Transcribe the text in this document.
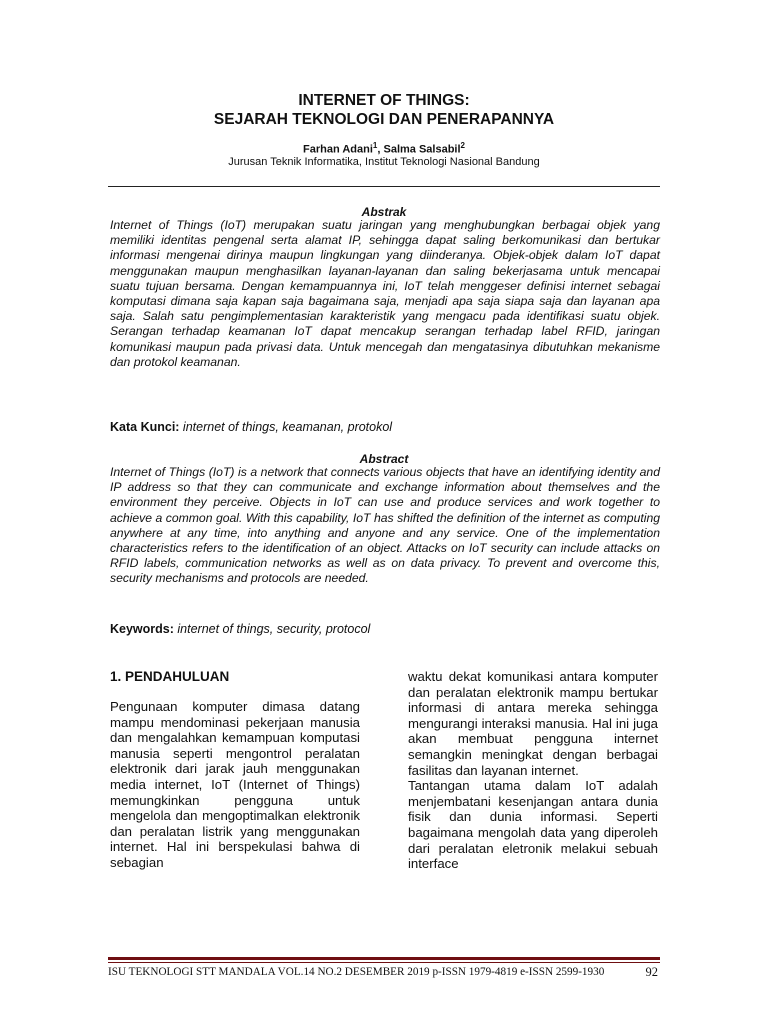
INTERNET OF THINGS:
SEJARAH TEKNOLOGI DAN PENERAPANNYA
Farhan Adani$^1$, Salma Salsabil$^2$
Jurusan Teknik Informatika, Institut Teknologi Nasional Bandung
Abstrak

Internet of Things (IoT) merupakan suatu jaringan yang menghubungkan berbagai objek yang memiliki identitas pengenal serta alamat IP, sehingga dapat saling berkomunikasi dan bertukar informasi mengenai dirinya maupun lingkungan yang diinderanya. Objek-objek dalam IoT dapat menggunakan maupun menghasilkan layanan-layanan dan saling bekerjasama untuk mencapai suatu tujuan bersama. Dengan kemampuannya ini, IoT telah menggeser definisi internet sebagai komputasi dimana saja kapan saja bagaimana saja, menjadi apa saja siapa saja dan layanan apa saja. Salah satu pengimplementasian karakteristik yang mengacu pada identifikasi suatu objek. Serangan terhadap keamanan IoT dapat mencakup serangan terhadap label RFID, jaringan komunikasi maupun pada privasi data. Untuk mencegah dan mengatasinya dibutuhkan mekanisme dan protokol keamanan.

Kata Kunci: internet of things, keamanan, protokol
Abstract

Internet of Things (IoT) is a network that connects various objects that have an identifying identity and IP address so that they can communicate and exchange information about themselves and the environment they perceive. Objects in IoT can use and produce services and work together to achieve a common goal. With this capability, IoT has shifted the definition of the internet as computing anywhere at any time, into anything and anyone and any service. One of the implementation characteristics refers to the identification of an object. Attacks on IoT security can include attacks on RFID labels, communication networks as well as on data privacy. To prevent and overcome this, security mechanisms and protocols are needed.

Keywords: internet of things, security, protocol
1. PENDAHULUAN

Pengunaan komputer dimasa datang mampu mendominasi pekerjaan manusia dan mengalahkan kemampuan komputasi manusia seperti mengontrol peralatan elektronik dari jarak jauh menggunakan media internet, IoT (Internet of Things) memungkinkan pengguna untuk mengelola dan mengoptimalkan elektronik dan peralatan listrik yang menggunakan internet. Hal ini berspekulasi bahwa di sebagian

waktu dekat komunikasi antara komputer dan peralatan elektronik mampu bertukar informasi di antara mereka sehingga mengurangi interaksi manusia. Hal ini juga akan membuat pengguna internet semangkin meningkat dengan berbagai fasilitas dan layanan internet.

Tantangan utama dalam IoT adalah menjembatani kesenjangan antara dunia fisik dan dunia informasi. Seperti bagaimana mengolah data yang diperoleh dari peralatan eletronik melakui sebuah interface

ISU TEKNOLOGI STT MANDALA VOL.14 NO.2 DESEMBER 2019 p-ISSN 1979-4819 e-ISSN 2599-1930	92
